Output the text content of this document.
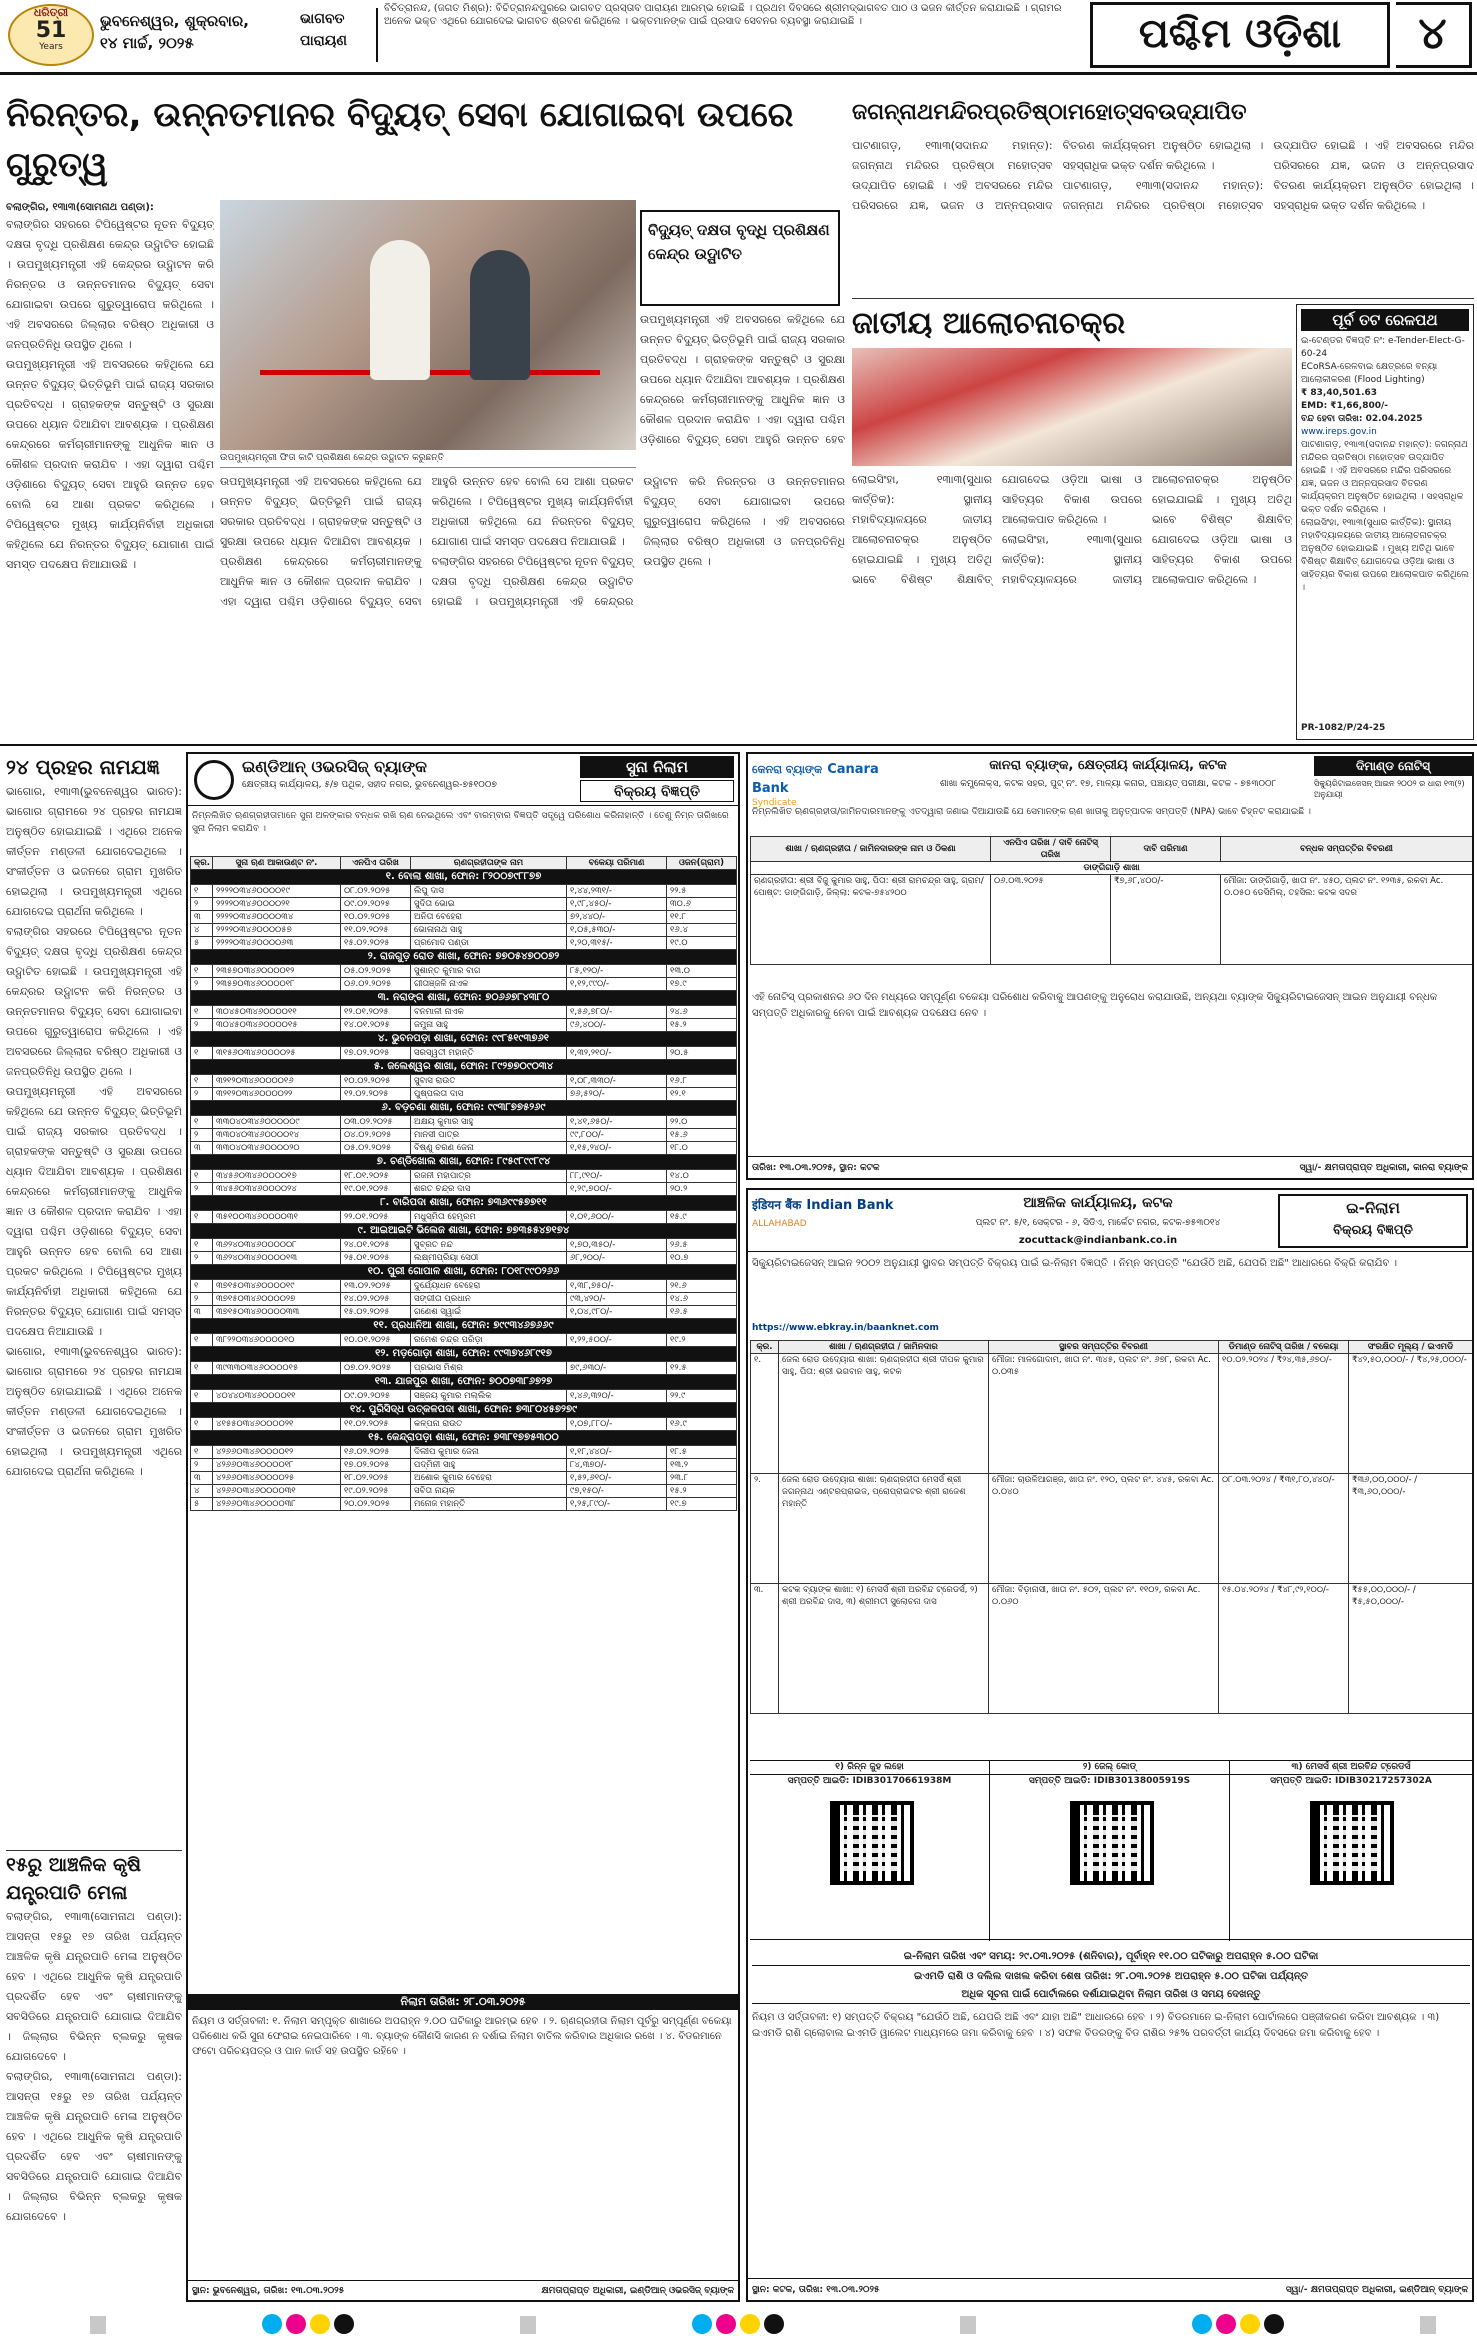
ଧରିତ୍ରୀ
51
Years
ଭୁବନେଶ୍ୱର, ଶୁକ୍ରବାର,
୧୪ ମାର୍ଚ୍ଚ, ୨୦୨୫
ଭାଗବତ
ପାରାୟଣ

ବିଚିତ୍ରାନନ୍ଦ, (ଜଗତ ମିଶ୍ର): ବିଚିତ୍ରାନନ୍ଦପୁରରେ ଭାଗବତ ପ୍ରସ୍ତାବ ପାରାୟଣ ଆରମ୍ଭ ହୋଇଛି । ପ୍ରଥମ ଦିବସରେ ଶ୍ରୀମଦ୍ଭାଗବତ ପାଠ ଓ ଭଜନ କୀର୍ତ୍ତନ କରାଯାଇଛି । ଗ୍ରାମର ଅନେକ ଭକ୍ତ ଏଥିରେ ଯୋଗଦେଇ ଭାଗବତ ଶ୍ରବଣ କରିଥିଲେ । ଭକ୍ତମାନଙ୍କ ପାଇଁ ପ୍ରସାଦ ସେବନର ବ୍ୟବସ୍ଥା କରାଯାଇଛି ।	ପଶ୍ଚିମ ଓଡ଼ିଶା	୪
ନିରନ୍ତର, ଉନ୍ନତମାନର ବିଦ୍ୟୁତ୍ ସେବା ଯୋଗାଇବା ଉପରେ ଗୁରୁତ୍ୱ

ବଲାଙ୍ଗିର, ୧୩ା୩(ସୋମନାଥ ପଣ୍ଡା):

ବଲାଙ୍ଗିର ସହରରେ ଟିପିୱେଷ୍ଟର ନୂତନ ବିଦ୍ୟୁତ୍ ଦକ୍ଷତା ବୃଦ୍ଧି ପ୍ରଶିକ୍ଷଣ କେନ୍ଦ୍ର ଉଦ୍ଘାଟିତ ହୋଇଛି । ଉପମୁଖ୍ୟମନ୍ତ୍ରୀ ଏହି କେନ୍ଦ୍ରର ଉଦ୍ଘାଟନ କରି ନିରନ୍ତର ଓ ଉନ୍ନତମାନର ବିଦ୍ୟୁତ୍ ସେବା ଯୋଗାଇବା ଉପରେ ଗୁରୁତ୍ୱାରୋପ କରିଥିଲେ । ଏହି ଅବସରରେ ଜିଲ୍ଲାର ବରିଷ୍ଠ ଅଧିକାରୀ ଓ ଜନପ୍ରତିନିଧି ଉପସ୍ଥିତ ଥିଲେ ।

ଉପମୁଖ୍ୟମନ୍ତ୍ରୀ ଏହି ଅବସରରେ କହିଥିଲେ ଯେ ଉନ୍ନତ ବିଦ୍ୟୁତ୍ ଭିତ୍ତିଭୂମି ପାଇଁ ରାଜ୍ୟ ସରକାର ପ୍ରତିବଦ୍ଧ । ଗ୍ରାହକଙ୍କ ସନ୍ତୁଷ୍ଟି ଓ ସୁରକ୍ଷା ଉପରେ ଧ୍ୟାନ ଦିଆଯିବା ଆବଶ୍ୟକ । ପ୍ରଶିକ୍ଷଣ କେନ୍ଦ୍ରରେ କର୍ମଚାରୀମାନଙ୍କୁ ଆଧୁନିକ ଜ୍ଞାନ ଓ କୌଶଳ ପ୍ରଦାନ କରାଯିବ । ଏହା ଦ୍ୱାରା ପଶ୍ଚିମ ଓଡ଼ିଶାରେ ବିଦ୍ୟୁତ୍ ସେବା ଆହୁରି ଉନ୍ନତ ହେବ ବୋଲି ସେ ଆଶା ପ୍ରକଟ କରିଥିଲେ । ଟିପିୱେଷ୍ଟର ମୁଖ୍ୟ କାର୍ଯ୍ୟନିର୍ବାହୀ ଅଧିକାରୀ କହିଥିଲେ ଯେ ନିରନ୍ତର ବିଦ୍ୟୁତ୍ ଯୋଗାଣ ପାଇଁ ସମସ୍ତ ପଦକ୍ଷେପ ନିଆଯାଉଛି ।

ବିଦ୍ୟୁତ୍ ଦକ୍ଷତା ବୃଦ୍ଧି ପ୍ରଶିକ୍ଷଣ କେନ୍ଦ୍ର ଉଦ୍ଘାଟିତ

ଉପମୁଖ୍ୟମନ୍ତ୍ରୀ ଏହି ଅବସରରେ କହିଥିଲେ ଯେ ଉନ୍ନତ ବିଦ୍ୟୁତ୍ ଭିତ୍ତିଭୂମି ପାଇଁ ରାଜ୍ୟ ସରକାର ପ୍ରତିବଦ୍ଧ । ଗ୍ରାହକଙ୍କ ସନ୍ତୁଷ୍ଟି ଓ ସୁରକ୍ଷା ଉପରେ ଧ୍ୟାନ ଦିଆଯିବା ଆବଶ୍ୟକ । ପ୍ରଶିକ୍ଷଣ କେନ୍ଦ୍ରରେ କର୍ମଚାରୀମାନଙ୍କୁ ଆଧୁନିକ ଜ୍ଞାନ ଓ କୌଶଳ ପ୍ରଦାନ କରାଯିବ । ଏହା ଦ୍ୱାରା ପଶ୍ଚିମ ଓଡ଼ିଶାରେ ବିଦ୍ୟୁତ୍ ସେବା ଆହୁରି ଉନ୍ନତ ହେବ

ଉପମୁଖ୍ୟମନ୍ତ୍ରୀ ଫିତା କାଟି ପ୍ରଶିକ୍ଷଣ କେନ୍ଦ୍ର ଉଦ୍ଘାଟନ କରୁଛନ୍ତି

ଉପମୁଖ୍ୟମନ୍ତ୍ରୀ ଏହି ଅବସରରେ କହିଥିଲେ ଯେ ଉନ୍ନତ ବିଦ୍ୟୁତ୍ ଭିତ୍ତିଭୂମି ପାଇଁ ରାଜ୍ୟ ସରକାର ପ୍ରତିବଦ୍ଧ । ଗ୍ରାହକଙ୍କ ସନ୍ତୁଷ୍ଟି ଓ ସୁରକ୍ଷା ଉପରେ ଧ୍ୟାନ ଦିଆଯିବା ଆବଶ୍ୟକ । ପ୍ରଶିକ୍ଷଣ କେନ୍ଦ୍ରରେ କର୍ମଚାରୀମାନଙ୍କୁ ଆଧୁନିକ ଜ୍ଞାନ ଓ କୌଶଳ ପ୍ରଦାନ କରାଯିବ । ଏହା ଦ୍ୱାରା ପଶ୍ଚିମ ଓଡ଼ିଶାରେ ବିଦ୍ୟୁତ୍ ସେବା ଆହୁରି ଉନ୍ନତ ହେବ ବୋଲି ସେ ଆଶା ପ୍ରକଟ କରିଥିଲେ । ଟିପିୱେଷ୍ଟର ମୁଖ୍ୟ କାର୍ଯ୍ୟନିର୍ବାହୀ ଅଧିକାରୀ କହିଥିଲେ ଯେ ନିରନ୍ତର ବିଦ୍ୟୁତ୍ ଯୋଗାଣ ପାଇଁ ସମସ୍ତ ପଦକ୍ଷେପ ନିଆଯାଉଛି ।

ବଲାଙ୍ଗିର ସହରରେ ଟିପିୱେଷ୍ଟର ନୂତନ ବିଦ୍ୟୁତ୍ ଦକ୍ଷତା ବୃଦ୍ଧି ପ୍ରଶିକ୍ଷଣ କେନ୍ଦ୍ର ଉଦ୍ଘାଟିତ ହୋଇଛି । ଉପମୁଖ୍ୟମନ୍ତ୍ରୀ ଏହି କେନ୍ଦ୍ରର ଉଦ୍ଘାଟନ କରି ନିରନ୍ତର ଓ ଉନ୍ନତମାନର ବିଦ୍ୟୁତ୍ ସେବା ଯୋଗାଇବା ଉପରେ ଗୁରୁତ୍ୱାରୋପ କରିଥିଲେ । ଏହି ଅବସରରେ ଜିଲ୍ଲାର ବରିଷ୍ଠ ଅଧିକାରୀ ଓ ଜନପ୍ରତିନିଧି ଉପସ୍ଥିତ ଥିଲେ ।

ଜଗନ୍ନାଥମନ୍ଦିରପ୍ରତିଷ୍ଠାମହୋତ୍ସବଉଦ୍‌ଯାପିତ

ପାଟଣାଗଡ଼, ୧୩ା୩(ସଦାନନ୍ଦ ମହାନ୍ତ): ଜଗନ୍ନାଥ ମନ୍ଦିରର ପ୍ରତିଷ୍ଠା ମହୋତ୍ସବ ଉଦ୍‌ଯାପିତ ହୋଇଛି । ଏହି ଅବସରରେ ମନ୍ଦିର ପରିସରରେ ଯଜ୍ଞ, ଭଜନ ଓ ଅନ୍ନପ୍ରସାଦ ବିତରଣ କାର୍ଯ୍ୟକ୍ରମ ଅନୁଷ୍ଠିତ ହୋଇଥିଲା । ସହସ୍ରାଧିକ ଭକ୍ତ ଦର୍ଶନ କରିଥିଲେ ।

ପାଟଣାଗଡ଼, ୧୩ା୩(ସଦାନନ୍ଦ ମହାନ୍ତ): ଜଗନ୍ନାଥ ମନ୍ଦିରର ପ୍ରତିଷ୍ଠା ମହୋତ୍ସବ ଉଦ୍‌ଯାପିତ ହୋଇଛି । ଏହି ଅବସରରେ ମନ୍ଦିର ପରିସରରେ ଯଜ୍ଞ, ଭଜନ ଓ ଅନ୍ନପ୍ରସାଦ ବିତରଣ କାର୍ଯ୍ୟକ୍ରମ ଅନୁଷ୍ଠିତ ହୋଇଥିଲା । ସହସ୍ରାଧିକ ଭକ୍ତ ଦର୍ଶନ କରିଥିଲେ ।

ଜାତୀୟ ଆଲୋଚନାଚକ୍ର

ଲୋଇସିଂହା, ୧୩ା୩(ସୁଧାର କାର୍ତ୍ତିକ): ସ୍ଥାନୀୟ ମହାବିଦ୍ୟାଳୟରେ ଜାତୀୟ ଆଲୋଚନାଚକ୍ର ଅନୁଷ୍ଠିତ ହୋଇଯାଇଛି । ମୁଖ୍ୟ ଅତିଥି ଭାବେ ବିଶିଷ୍ଟ ଶିକ୍ଷାବିତ୍ ଯୋଗଦେଇ ଓଡ଼ିଆ ଭାଷା ଓ ସାହିତ୍ୟର ବିକାଶ ଉପରେ ଆଲୋକପାତ କରିଥିଲେ ।

ଲୋଇସିଂହା, ୧୩ା୩(ସୁଧାର କାର୍ତ୍ତିକ): ସ୍ଥାନୀୟ ମହାବିଦ୍ୟାଳୟରେ ଜାତୀୟ ଆଲୋଚନାଚକ୍ର ଅନୁଷ୍ଠିତ ହୋଇଯାଇଛି । ମୁଖ୍ୟ ଅତିଥି ଭାବେ ବିଶିଷ୍ଟ ଶିକ୍ଷାବିତ୍ ଯୋଗଦେଇ ଓଡ଼ିଆ ଭାଷା ଓ ସାହିତ୍ୟର ବିକାଶ ଉପରେ ଆଲୋକପାତ କରିଥିଲେ ।

ପୂର୍ବ ତଟ ରେଳପଥ

ଇ-ଟେଣ୍ଡର ବିଜ୍ଞପ୍ତି ନଂ: e-Tender-Elect-G-60-24

ECoRSA-ରେଳବାଇ କ୍ଷେତ୍ରରେ ବନ୍ୟା ଆଲୋକୀକରଣ (Flood Lighting)

₹ 83,40,501.63

EMD: ₹1,66,800/-

ବନ୍ଦ ହେବା ତାରିଖ: 02.04.2025

www.ireps.gov.in

ପାଟଣାଗଡ଼, ୧୩ା୩(ସଦାନନ୍ଦ ମହାନ୍ତ): ଜଗନ୍ନାଥ ମନ୍ଦିରର ପ୍ରତିଷ୍ଠା ମହୋତ୍ସବ ଉଦ୍‌ଯାପିତ ହୋଇଛି । ଏହି ଅବସରରେ ମନ୍ଦିର ପରିସରରେ ଯଜ୍ଞ, ଭଜନ ଓ ଅନ୍ନପ୍ରସାଦ ବିତରଣ କାର୍ଯ୍ୟକ୍ରମ ଅନୁଷ୍ଠିତ ହୋଇଥିଲା । ସହସ୍ରାଧିକ ଭକ୍ତ ଦର୍ଶନ କରିଥିଲେ ।

ଲୋଇସିଂହା, ୧୩ା୩(ସୁଧାର କାର୍ତ୍ତିକ): ସ୍ଥାନୀୟ ମହାବିଦ୍ୟାଳୟରେ ଜାତୀୟ ଆଲୋଚନାଚକ୍ର ଅନୁଷ୍ଠିତ ହୋଇଯାଇଛି । ମୁଖ୍ୟ ଅତିଥି ଭାବେ ବିଶିଷ୍ଟ ଶିକ୍ଷାବିତ୍ ଯୋଗଦେଇ ଓଡ଼ିଆ ଭାଷା ଓ ସାହିତ୍ୟର ବିକାଶ ଉପରେ ଆଲୋକପାତ କରିଥିଲେ ।

PR-1082/P/24-25

୨୪ ପ୍ରହର ନାମଯଜ୍ଞ

ଭାଗୋର, ୧୩ା୩(ଭୁବନେଶ୍ୱର ଭାରତ): ଭାଗୋର ଗ୍ରାମରେ ୨୪ ପ୍ରହର ନାମଯଜ୍ଞ ଅନୁଷ୍ଠିତ ହୋଇଯାଇଛି । ଏଥିରେ ଅନେକ କୀର୍ତ୍ତନ ମଣ୍ଡଳୀ ଯୋଗଦେଇଥିଲେ । ସଂକୀର୍ତ୍ତନ ଓ ଭଜନରେ ଗ୍ରାମ ମୁଖରିତ ହୋଇଥିଲା । ଉପମୁଖ୍ୟମନ୍ତ୍ରୀ ଏଥିରେ ଯୋଗଦେଇ ପ୍ରାର୍ଥନା କରିଥିଲେ ।

ବଲାଙ୍ଗିର ସହରରେ ଟିପିୱେଷ୍ଟର ନୂତନ ବିଦ୍ୟୁତ୍ ଦକ୍ଷତା ବୃଦ୍ଧି ପ୍ରଶିକ୍ଷଣ କେନ୍ଦ୍ର ଉଦ୍ଘାଟିତ ହୋଇଛି । ଉପମୁଖ୍ୟମନ୍ତ୍ରୀ ଏହି କେନ୍ଦ୍ରର ଉଦ୍ଘାଟନ କରି ନିରନ୍ତର ଓ ଉନ୍ନତମାନର ବିଦ୍ୟୁତ୍ ସେବା ଯୋଗାଇବା ଉପରେ ଗୁରୁତ୍ୱାରୋପ କରିଥିଲେ । ଏହି ଅବସରରେ ଜିଲ୍ଲାର ବରିଷ୍ଠ ଅଧିକାରୀ ଓ ଜନପ୍ରତିନିଧି ଉପସ୍ଥିତ ଥିଲେ ।

ଉପମୁଖ୍ୟମନ୍ତ୍ରୀ ଏହି ଅବସରରେ କହିଥିଲେ ଯେ ଉନ୍ନତ ବିଦ୍ୟୁତ୍ ଭିତ୍ତିଭୂମି ପାଇଁ ରାଜ୍ୟ ସରକାର ପ୍ରତିବଦ୍ଧ । ଗ୍ରାହକଙ୍କ ସନ୍ତୁଷ୍ଟି ଓ ସୁରକ୍ଷା ଉପରେ ଧ୍ୟାନ ଦିଆଯିବା ଆବଶ୍ୟକ । ପ୍ରଶିକ୍ଷଣ କେନ୍ଦ୍ରରେ କର୍ମଚାରୀମାନଙ୍କୁ ଆଧୁନିକ ଜ୍ଞାନ ଓ କୌଶଳ ପ୍ରଦାନ କରାଯିବ । ଏହା ଦ୍ୱାରା ପଶ୍ଚିମ ଓଡ଼ିଶାରେ ବିଦ୍ୟୁତ୍ ସେବା ଆହୁରି ଉନ୍ନତ ହେବ ବୋଲି ସେ ଆଶା ପ୍ରକଟ କରିଥିଲେ । ଟିପିୱେଷ୍ଟର ମୁଖ୍ୟ କାର୍ଯ୍ୟନିର୍ବାହୀ ଅଧିକାରୀ କହିଥିଲେ ଯେ ନିରନ୍ତର ବିଦ୍ୟୁତ୍ ଯୋଗାଣ ପାଇଁ ସମସ୍ତ ପଦକ୍ଷେପ ନିଆଯାଉଛି ।

ଭାଗୋର, ୧୩ା୩(ଭୁବନେଶ୍ୱର ଭାରତ): ଭାଗୋର ଗ୍ରାମରେ ୨୪ ପ୍ରହର ନାମଯଜ୍ଞ ଅନୁଷ୍ଠିତ ହୋଇଯାଇଛି । ଏଥିରେ ଅନେକ କୀର୍ତ୍ତନ ମଣ୍ଡଳୀ ଯୋଗଦେଇଥିଲେ । ସଂକୀର୍ତ୍ତନ ଓ ଭଜନରେ ଗ୍ରାମ ମୁଖରିତ ହୋଇଥିଲା । ଉପମୁଖ୍ୟମନ୍ତ୍ରୀ ଏଥିରେ ଯୋଗଦେଇ ପ୍ରାର୍ଥନା କରିଥିଲେ ।

୧୫ରୁ ଆଞ୍ଚଳିକ କୃଷି ଯନ୍ତ୍ରପାତି ମେଳା

ବଲାଙ୍ଗିର, ୧୩ା୩(ସୋମନାଥ ପଣ୍ଡା): ଆସନ୍ତା ୧୫ରୁ ୧୭ ତାରିଖ ପର୍ଯ୍ୟନ୍ତ ଆଞ୍ଚଳିକ କୃଷି ଯନ୍ତ୍ରପାତି ମେଳା ଅନୁଷ୍ଠିତ ହେବ । ଏଥିରେ ଆଧୁନିକ କୃଷି ଯନ୍ତ୍ରପାତି ପ୍ରଦର୍ଶିତ ହେବ ଏବଂ ଚାଷୀମାନଙ୍କୁ ସବସିଡିରେ ଯନ୍ତ୍ରପାତି ଯୋଗାଇ ଦିଆଯିବ । ଜିଲ୍ଲାର ବିଭିନ୍ନ ବ୍ଲକରୁ କୃଷକ ଯୋଗଦେବେ ।

ବଲାଙ୍ଗିର, ୧୩ା୩(ସୋମନାଥ ପଣ୍ଡା): ଆସନ୍ତା ୧୫ରୁ ୧୭ ତାରିଖ ପର୍ଯ୍ୟନ୍ତ ଆଞ୍ଚଳିକ କୃଷି ଯନ୍ତ୍ରପାତି ମେଳା ଅନୁଷ୍ଠିତ ହେବ । ଏଥିରେ ଆଧୁନିକ କୃଷି ଯନ୍ତ୍ରପାତି ପ୍ରଦର୍ଶିତ ହେବ ଏବଂ ଚାଷୀମାନଙ୍କୁ ସବସିଡିରେ ଯନ୍ତ୍ରପାତି ଯୋଗାଇ ଦିଆଯିବ । ଜିଲ୍ଲାର ବିଭିନ୍ନ ବ୍ଲକରୁ କୃଷକ ଯୋଗଦେବେ ।

ଇଣ୍ଡିଆନ୍ ଓଭରସିଜ୍ ବ୍ୟାଙ୍କ
କ୍ଷେତ୍ରୀୟ କାର୍ଯ୍ୟାଳୟ, ୫/୭ ପଥିକ, ସହୀଦ ନଗର, ଭୁବନେଶ୍ୱର-୭୫୧୦୦୭
ସୁନା ନିଲାମ
ବିକ୍ରୟ ବିଜ୍ଞପ୍ତି

ନିମ୍ନଲିଖିତ ଋଣଗ୍ରହୀତାମାନେ ସୁନା ଅଳଙ୍କାର ବନ୍ଧକ ରଖି ଋଣ ନେଇଥିଲେ ଏବଂ ବାରମ୍ବାର ବିଜ୍ଞପ୍ତି ସତ୍ତ୍ୱେ ପରିଶୋଧ କରିନାହାନ୍ତି । ତେଣୁ ନିମ୍ନ ତାରିଖରେ ସୁନା ନିଲାମ କରାଯିବ ।

କ୍ର.	ସୁନା ଋଣ ଆକାଉଣ୍ଟ ନଂ.	ଏନପିଏ ତାରିଖ	ଋଣଗ୍ରହୀତାଙ୍କ ନାମ	ବକେୟା ପରିମାଣ	ଓଜନ(ଗ୍ରାମ)
୧. ବୋଲା ଶାଖା, ଫୋନ: ୮୨୦୦୭୯୮୮୭୭					
୧	୨୨୨୨୦୩୪୬୦୦୦୦୧୯	୦୮.୦୨.୨୦୨୫	ଲିପୁ ଦାସ	୧,୪୪,୨୩୧/-	୨୨.୫
୨	୨୨୨୨୦୩୪୬୦୦୦୦୨୧	୦୯.୦୨.୨୦୨୫	ସୁଦିତା ଭୋଇ	୧,୯୮,୪୫୦/-	୩୦.୬
୩	୨୨୨୨୦୩୪୬୦୦୦୦୩୪	୧୦.୦୨.୨୦୨୫	ଅନିତା ବେହେରା	୭୨,୪୪୦/-	୧୧.୮
୪	୨୨୨୨୦୩୪୬୦୦୦୦୫୭	୧୧.୦୨.୨୦୨୫	ଭୋଳାନାଥ ସାହୁ	୧,୦୫,୫୩୦/-	୧୬.୪
୫	୨୨୨୨୦୩୪୬୦୦୦୦୬୩	୧୫.୦୨.୨୦୨୫	ପ୍ରମୋଦ ପଣ୍ଡା	୧,୨୦,୩୧୫/-	୧୯.୦
୨. ରାଜଗୁଡ଼ ରୋଡ ଶାଖା, ଫୋନ: ୭୭୦୫୪୭୦୦୭୨					
୧	୨୩୫୭୦୩୪୬୦୦୦୦୧୨	୦୫.୦୨.୨୦୨୫	ସୁଶାନ୍ତ କୁମାର ବାଗ	୮୫,୧୨୦/-	୧୩.୦
୨	୨୩୫୭୦୩୪୬୦୦୦୦୧୮	୦୬.୦୨.୨୦୨୫	ଗୀତାଞ୍ଜଳି ନାଏକ	୧,୧୨,୯୯୦/-	୧୭.୯
୩. ନରାଙ୍ଗ ଶାଖା, ଫୋନ: ୭୦୬୬୭୮୪୩୮୦					
୧	୩୦୪୫୦୩୪୬୦୦୦୦୧୧	୧୨.୦୧.୨୦୨୫	ବନମାଳୀ ନାଏକ	୧,୫୬,୭୮୦/-	୨୪.୬
୨	୩୦୪୫୦୩୪୬୦୦୦୦୧୫	୧୪.୦୧.୨୦୨୫	ଜମୁନା ସାହୁ	୯୬,୪୦୦/-	୧୫.୨
୪. ଭୁବନପଡ଼ା ଶାଖା, ଫୋନ: ୯୯୮୫୧୯୩୭୬୧					
୧	୩୧୫୬୦୩୪୬୦୦୦୦୨୫	୧୭.୦୨.୨୦୨୫	ସରସ୍ୱତୀ ମହାନ୍ତି	୧,୩୨,୨୧୦/-	୨୦.୫
୫. ଜଲେଶ୍ୱର ଶାଖା, ଫୋନ: ୮୯୨୭୭୦୯୦୩୪					
୧	୩୨୧୨୦୩୪୬୦୦୦୦୧୬	୧୦.୦୨.୨୦୨୫	ସୁବାସ ରାଉତ	୧,୦୮,୩୩୦/-	୧୬.୮
୨	୩୨୧୨୦୩୪୬୦୦୦୦୨୨	୧୨.୦୨.୨୦୨୫	ପୁଷ୍ପଲତା ଦାସ	୭୬,୫୨୦/-	୧୨.୧
୬. ବଡ଼ଚଣା ଶାଖା, ଫୋନ: ୯୯୩୮୭୭୫୨୬୯					
୧	୩୩୦୪୦୩୪୬୦୦୦୦୦୯	୦୩.୦୨.୨୦୨୫	ଅକ୍ଷୟ କୁମାର ସାହୁ	୧,୪୧,୬୫୦/-	୨୨.୦
୨	୩୩୦୪୦୩୪୬୦୦୦୦୧୪	୦୪.୦୨.୨୦୨୫	ମାନସୀ ପାତ୍ର	୯୯,୮୦୦/-	୧୫.୬
୩	୩୩୦୪୦୩୪୬୦୦୦୦୨୦	୦୫.୦୨.୨୦୨୫	ବିଷ୍ଣୁ ଚରଣ ଜେନା	୧,୧୫,୨୪୦/-	୧୮.୦
୭. ଚଣ୍ଡିଖୋଲ ଶାଖା, ଫୋନ: ୮୯୫୯୮୯୯୮୯୪					
୧	୩୪୫୬୦୩୪୬୦୦୦୦୧୭	୧୮.୦୧.୨୦୨୫	ରଜନୀ ମହାପାତ୍ର	୮୮,୯୧୦/-	୧୪.୦
୨	୩୪୫୬୦୩୪୬୦୦୦୦୨୪	୧୯.୦୧.୨୦୨୫	ଶରତ ଚନ୍ଦ୍ର ଦାସ	୧,୨୯,୭୦୦/-	୨୦.୨
୮. ବାରିପଦା ଶାଖା, ଫୋନ: ୭୩୬୯୯୫୭୭୧୧					
୧	୩୫୧୦୦୩୪୬୦୦୦୦୩୧	୨୨.୦୧.୨୦୨୫	ମଧୁସ୍ମିତା ହେମ୍ବ୍ରମ	୧,୦୧,୬୦୦/-	୧୫.୯
୯. ଆଇଆଇଟି ଭିଲେଜ ଶାଖା, ଫୋନ: ୭୭୩୫୫୪୭୧୭୪					
୧	୩୬୨୪୦୩୪୬୦୦୦୦୦୮	୨୪.୦୧.୨୦୨୫	ସୁବ୍ରତ ନନ୍ଦ	୧,୭୦,୩୫୦/-	୨୬.୫
୨	୩୬୨୪୦୩୪୬୦୦୦୦୧୩	୨୫.୦୧.୨୦୨୫	ଲକ୍ଷ୍ମୀପ୍ରିୟା ସେଠୀ	୬୮,୨୦୦/-	୧୦.୭
୧୦. ପୁରୀ ଗୋପାଳ ଶାଖା, ଫୋନ: ୮୦୧୮୯୯୦୨୬୬					
୧	୩୭୧୫୦୩୪୬୦୦୦୦୧୯	୧୩.୦୨.୨୦୨୫	ଦୁର୍ଯ୍ୟୋଧନ ବେହେରା	୧,୩୮,୭୫୦/-	୨୧.୬
୨	୩୭୧୫୦୩୪୬୦୦୦୦୨୭	୧୪.୦୨.୨୦୨୫	ସଙ୍ଗୀତା ପ୍ରଧାନ	୯୩,୪୨୦/-	୧୪.୬
୩	୩୭୧୫୦୩୪୬୦୦୦୦୩୩	୧୫.୦୨.୨୦୨୫	ଗଣେଶ ସ୍ୱାଇଁ	୧,୦୪,୯୮୦/-	୧୬.୫
୧୧. ପ୍ରଧାନିଆ ଶାଖା, ଫୋନ: ୭୯୯୩୪୬୭୬୬୯					
୧	୩୮୨୨୦୩୪୬୦୦୦୦୧୦	୧୦.୦୧.୨୦୨୫	ରମେଶ ଚନ୍ଦ୍ର ପରିଡ଼ା	୧,୨୨,୫୦୦/-	୧୯.୨
୧୨. ମଡ଼ଗୋଡ଼ା ଶାଖା, ଫୋନ: ୯୯୩୭୪୬୮୯୧୭					
୧	୩୯୩୩୦୩୪୬୦୦୦୦୧୫	୦୭.୦୨.୨୦୨୫	ପ୍ରଭାସ ମିଶ୍ର	୭୯,୬୩୦/-	୧୨.୫
୧୩. ଯାଜପୁର ଶାଖା, ଫୋନ: ୭୦୦୭୩୮୬୭୨୭					
୧	୪୦୪୪୦୩୪୬୦୦୦୦୧୧	୦୯.୦୨.୨୦୨୫	ସଞ୍ଜୟ କୁମାର ମଲ୍ଲିକ	୧,୪୬,୩୨୦/-	୨୨.୯
୧୪. ପୁରିସିଦ୍ଧ ଉତ୍କଳପଦା ଶାଖା, ଫୋନ: ୭୩୮୦୪୫୭୨୭୯					
୧	୪୧୫୫୦୩୪୬୦୦୦୦୨୧	୧୧.୦୨.୨୦୨୫	କଳ୍ପନା ରାଉତ	୧,୦୭,୮୮୦/-	୧୬.୯
୧୫. କେନ୍ଦ୍ରାପଡ଼ା ଶାଖା, ଫୋନ: ୭୩୮୧୭୭୫୩୦୦					
୧	୪୨୬୬୦୩୪୬୦୦୦୦୧୨	୧୬.୦୨.୨୦୨୫	ଦିଲୀପ କୁମାର ଜେନା	୧,୧୮,୪୪୦/-	୧୮.୫
୨	୪୨୬୬୦୩୪୬୦୦୦୦୧୮	୧୭.୦୨.୨୦୨୫	ପଦ୍ମିନୀ ସାହୁ	୮୪,୩୭୦/-	୧୩.୨
୩	୪୨୬୬୦୩୪୬୦୦୦୦୨୫	୧୮.୦୨.୨୦୨୫	ଅଶୋକ କୁମାର ବେହେରା	୧,୫୨,୬୧୦/-	୨୩.୮
୪	୪୨୬୬୦୩୪୬୦୦୦୦୩୧	୧୯.୦୨.୨୦୨୫	ସବିତା ନାୟକ	୯୭,୧୫୦/-	୧୫.୨
୫	୪୨୬୬୦୩୪୬୦୦୦୦୩୮	୨୦.୦୨.୨୦୨୫	ମନୋଜ ମହାନ୍ତି	୧,୨୫,୮୯୦/-	୧୯.୭
ନିଲାମ ତାରିଖ: ୨୮.୦୩.୨୦୨୫

ନିୟମ ଓ ସର୍ତ୍ତାବଳୀ: ୧. ନିଲାମ ସମ୍ପୃକ୍ତ ଶାଖାରେ ଅପରାହ୍ନ ୨.୦୦ ଘଟିକାରୁ ଆରମ୍ଭ ହେବ । ୨. ଋଣଗ୍ରହୀତା ନିଲାମ ପୂର୍ବରୁ ସମ୍ପୂର୍ଣ୍ଣ ବକେୟା ପରିଶୋଧ କରି ସୁନା ଫେରାଇ ନେଇପାରିବେ । ୩. ବ୍ୟାଙ୍କ କୌଣସି କାରଣ ନ ଦର୍ଶାଇ ନିଲାମ ବାତିଲ କରିବାର ଅଧିକାର ରଖେ । ୪. ବିଡରମାନେ ଫଟୋ ପରିଚୟପତ୍ର ଓ ପାନ କାର୍ଡ ସହ ଉପସ୍ଥିତ ରହିବେ ।

ସ୍ଥାନ: ଭୁବନେଶ୍ୱର, ତାରିଖ: ୧୩.୦୩.୨୦୨୫	କ୍ଷମତାପ୍ରାପ୍ତ ଅଧିକାରୀ, ଇଣ୍ଡିଆନ୍ ଓଭରସିଜ୍ ବ୍ୟାଙ୍କ
କେନରା ବ୍ୟାଙ୍କ Canara Bank
Syndicate
କାନରା ବ୍ୟାଙ୍କ, କ୍ଷେତ୍ରୀୟ କାର୍ଯ୍ୟାଳୟ, କଟକ
ଶାଖା କମ୍ପ୍ଲେକ୍ସ, କଟକ ସହର, ପୁଟ୍ ନଂ. ୧୭, ମାଳ୍ୟା କନାର, ପଞ୍ଚାୟତ୍ ପରୀକ୍ଷା, କଟକ - ୭୫୩୦୦୮
ଦିମାଣ୍ଡ ନୋଟିସ୍
ସିକ୍ୟୁରିଟାଇଜେସନ୍ ଆଇନ ୨୦୦୨ ର ଧାରା ୧୩(୨) ଅନୁଯାୟୀ

ନିମ୍ନଲିଖିତ ଋଣଗ୍ରହୀତା/ଜାମିନଦାରମାନଙ୍କୁ ଏତଦ୍ୱାରା ଜଣାଇ ଦିଆଯାଉଛି ଯେ ସେମାନଙ୍କ ଋଣ ଖାତାକୁ ଅନୁତ୍ପାଦକ ସମ୍ପତ୍ତି (NPA) ଭାବେ ଚିହ୍ନଟ କରାଯାଇଛି ।

ଶାଖା / ଋଣଗ୍ରହୀତା / ଜାମିନଦାରଙ୍କ ନାମ ଓ ଠିକଣା	ଏନପିଏ ତାରିଖ / ଦାବି ନୋଟିସ୍ ତାରିଖ	ଦାବି ପରିମାଣ	ବନ୍ଧକ ସମ୍ପତ୍ତିର ବିବରଣୀ
ଡାଙ୍ଗିଗାଡ଼ି ଶାଖା			
ଋଣଗ୍ରହୀତା: ଶ୍ରୀ ବିଜୁ କୁମାର ସାହୁ, ପିତା: ଶ୍ରୀ ରାମଚନ୍ଦ୍ର ସାହୁ, ଗ୍ରାମ/ପୋଷ୍ଟ: ଡାଙ୍ଗିଗାଡ଼ି, ଜିଲ୍ଲା: କଟକ-୭୫୪୨୦୦	୦୬.୦୩.୨୦୨୫	₹୭,୬୮,୪୦୦/-	ମୌଜା: ଡାଙ୍ଗିଗାଡ଼ି, ଖାତା ନଂ. ୪୫୦, ପ୍ଲଟ ନଂ. ୧୨୩୫, ରକବା Ac. ୦.୦୫୦ ଡେସିମିଲ୍, ତହସିଲ: କଟକ ସଦର

ଏହି ନୋଟିସ୍ ପ୍ରକାଶନର ୬୦ ଦିନ ମଧ୍ୟରେ ସମ୍ପୂର୍ଣ୍ଣ ବକେୟା ପରିଶୋଧ କରିବାକୁ ଆପଣଙ୍କୁ ଅନୁରୋଧ କରାଯାଉଛି, ଅନ୍ୟଥା ବ୍ୟାଙ୍କ ସିକ୍ୟୁରିଟାଇଜେସନ୍ ଆଇନ ଅନୁଯାୟୀ ବନ୍ଧକ ସମ୍ପତ୍ତି ଅଧିକାରକୁ ନେବା ପାଇଁ ଆବଶ୍ୟକ ପଦକ୍ଷେପ ନେବ ।

ତାରିଖ: ୧୩.୦୩.୨୦୨୫, ସ୍ଥାନ: କଟକ	ସ୍ୱା/- କ୍ଷମତାପ୍ରାପ୍ତ ଅଧିକାରୀ, କାନରା ବ୍ୟାଙ୍କ
इंडियन बैंक Indian Bank
ALLAHABAD
ଆଞ୍ଚଳିକ କାର୍ଯ୍ୟାଳୟ, କଟକ
ପ୍ଲଟ ନଂ. ୫/୧, ସେକ୍ଟର - ୬, ସିଡିଏ, ମାର୍କେଟ ନଗର, କଟକ-୭୫୩୦୧୪
zocuttack@indianbank.co.in
ଇ-ନିଲାମ
ବିକ୍ରୟ ବିଜ୍ଞପ୍ତି

ସିକ୍ୟୁରିଟାଇଜେସନ୍ ଆଇନ ୨୦୦୨ ଅନୁଯାୟୀ ସ୍ଥାବର ସମ୍ପତ୍ତି ବିକ୍ରୟ ପାଇଁ ଇ-ନିଲାମ ବିଜ୍ଞପ୍ତି । ନିମ୍ନ ସମ୍ପତ୍ତି "ଯେଉଁଠି ଅଛି, ଯେପରି ଅଛି" ଆଧାରରେ ବିକ୍ରି କରାଯିବ ।

https://www.ebkray.in/baanknet.com
କ୍ର.	ଶାଖା / ଋଣଗ୍ରହୀତା / ଜାମିନଦାର	ସ୍ଥାବର ସମ୍ପତ୍ତିର ବିବରଣୀ	ଡିମାଣ୍ଡ ନୋଟିସ୍ ତାରିଖ / ବକେୟା	ସଂରକ୍ଷିତ ମୂଲ୍ୟ / ଇଏମଡି
୧.	ଜେଲ ରୋଡ ଉଦ୍ୟୋଗ ଶାଖା: ଋଣଗ୍ରହୀତା ଶ୍ରୀ ଦୀପକ କୁମାର ସାହୁ, ପିତା: ଶ୍ରୀ ଭଗବାନ ସାହୁ, କଟକ	ମୌଜା: ମାଳଗୋଦାମ, ଖାତା ନଂ. ୩୪୫, ପ୍ଲଟ ନଂ. ୬୭୮, ରକବା Ac. ୦.୦୩୫	୧୦.୦୨.୨୦୨୪ / ₹୨୪,୩୫,୬୭୦/-	₹୪୨,୫୦,୦୦୦/- / ₹୪,୨୫,୦୦୦/-
୨.	ଜେଲ ରୋଡ ଉଦ୍ୟୋଗ ଶାଖା: ଋଣଗ୍ରହୀତା ମେସର୍ସ ଶ୍ରୀ ଜଗନ୍ନାଥ ଏଣ୍ଟରପ୍ରାଇଜ, ପ୍ରୋପ୍ରାଇଟର ଶ୍ରୀ ରାଜେଶ ମହାନ୍ତି	ମୌଜା: ଚାଉଳିଆଗଞ୍ଜ, ଖାତା ନଂ. ୧୨୦, ପ୍ଲଟ ନଂ. ୪୪୫, ରକବା Ac. ୦.୦୪୦	୦୮.୦୩.୨୦୨୪ / ₹୩୧,୮୦,୪୪୦/-	₹୩୬,୦୦,୦୦୦/- / ₹୩,୬୦,୦୦୦/-
୩.	କଟକ ବ୍ୟାଙ୍କ ଶାଖା: ୧) ମେସର୍ସ ଶ୍ରୀ ଅରବିନ୍ଦ ଟ୍ରେଡର୍ସ, ୨) ଶ୍ରୀ ଅରବିନ୍ଦ ଦାସ, ୩) ଶ୍ରୀମତୀ ସୁଲୋଚନା ଦାସ	ମୌଜା: ବିଡ଼ାନାସୀ, ଖାତା ନଂ. ୫୦୨, ପ୍ଲଟ ନଂ. ୧୧୦୨, ରକବା Ac. ୦.୦୬୦	୧୫.୦୪.୨୦୨୪ / ₹୪୮,୯୨,୧୦୦/-	₹୫୫,୦୦,୦୦୦/- / ₹୫,୫୦,୦୦୦/-
୧) ରିନ୍ନ ଜୁହ ଲହୋ
ସମ୍ପତ୍ତି ଆଇଡି: IDIB30170661938M
୨) ଜେଲ୍ କୋଡ୍
ସମ୍ପତ୍ତି ଆଇଡି: IDIB30138005919S
୩) ମେସର୍ସ ଶ୍ରୀ ଅରବିନ୍ଦ ଟ୍ରେଡର୍ସ
ସମ୍ପତ୍ତି ଆଇଡି: IDIB30217257302A
ଇ-ନିଲାମ ତାରିଖ ଏବଂ ସମୟ: ୨୯.୦୩.୨୦୨୫ (ଶନିବାର), ପୂର୍ବାହ୍ନ ୧୧.୦୦ ଘଟିକାରୁ ଅପରାହ୍ନ ୫.୦୦ ଘଟିକା
ଇଏମଡି ରାଶି ଓ ଦଲିଲ ଦାଖଲ କରିବା ଶେଷ ତାରିଖ: ୨୮.୦୩.୨୦୨୫ ଅପରାହ୍ନ ୫.୦୦ ଘଟିକା ପର୍ଯ୍ୟନ୍ତ
ଅଧିକ ସୂଚନା ପାଇଁ ପୋର୍ଟାଲରେ ଦର୍ଶାଯାଇଥିବା ନିଲାମ ତାରିଖ ଓ ସମୟ ଦେଖନ୍ତୁ

ନିୟମ ଓ ସର୍ତ୍ତାବଳୀ: ୧) ସମ୍ପତ୍ତି ବିକ୍ରୟ "ଯେଉଁଠି ଅଛି, ଯେପରି ଅଛି ଏବଂ ଯାହା ଅଛି" ଆଧାରରେ ହେବ । ୨) ବିଡରମାନେ ଇ-ନିଲାମ ପୋର୍ଟାଲରେ ପଞ୍ଜୀକରଣ କରିବା ଆବଶ୍ୟକ । ୩) ଇଏମଡି ରାଶି ଗ୍ଲୋବାଲ ଇଏମଡି ୱାଲେଟ ମାଧ୍ୟମରେ ଜମା କରିବାକୁ ହେବ । ୪) ସଫଳ ବିଡରଙ୍କୁ ବିଡ ରାଶିର ୨୫% ପରବର୍ତ୍ତୀ କାର୍ଯ୍ୟ ଦିବସରେ ଜମା କରିବାକୁ ହେବ ।

ସ୍ଥାନ: କଟକ, ତାରିଖ: ୧୩.୦୩.୨୦୨୫	ସ୍ୱା/- କ୍ଷମତାପ୍ରାପ୍ତ ଅଧିକାରୀ, ଇଣ୍ଡିଆନ୍ ବ୍ୟାଙ୍କ
